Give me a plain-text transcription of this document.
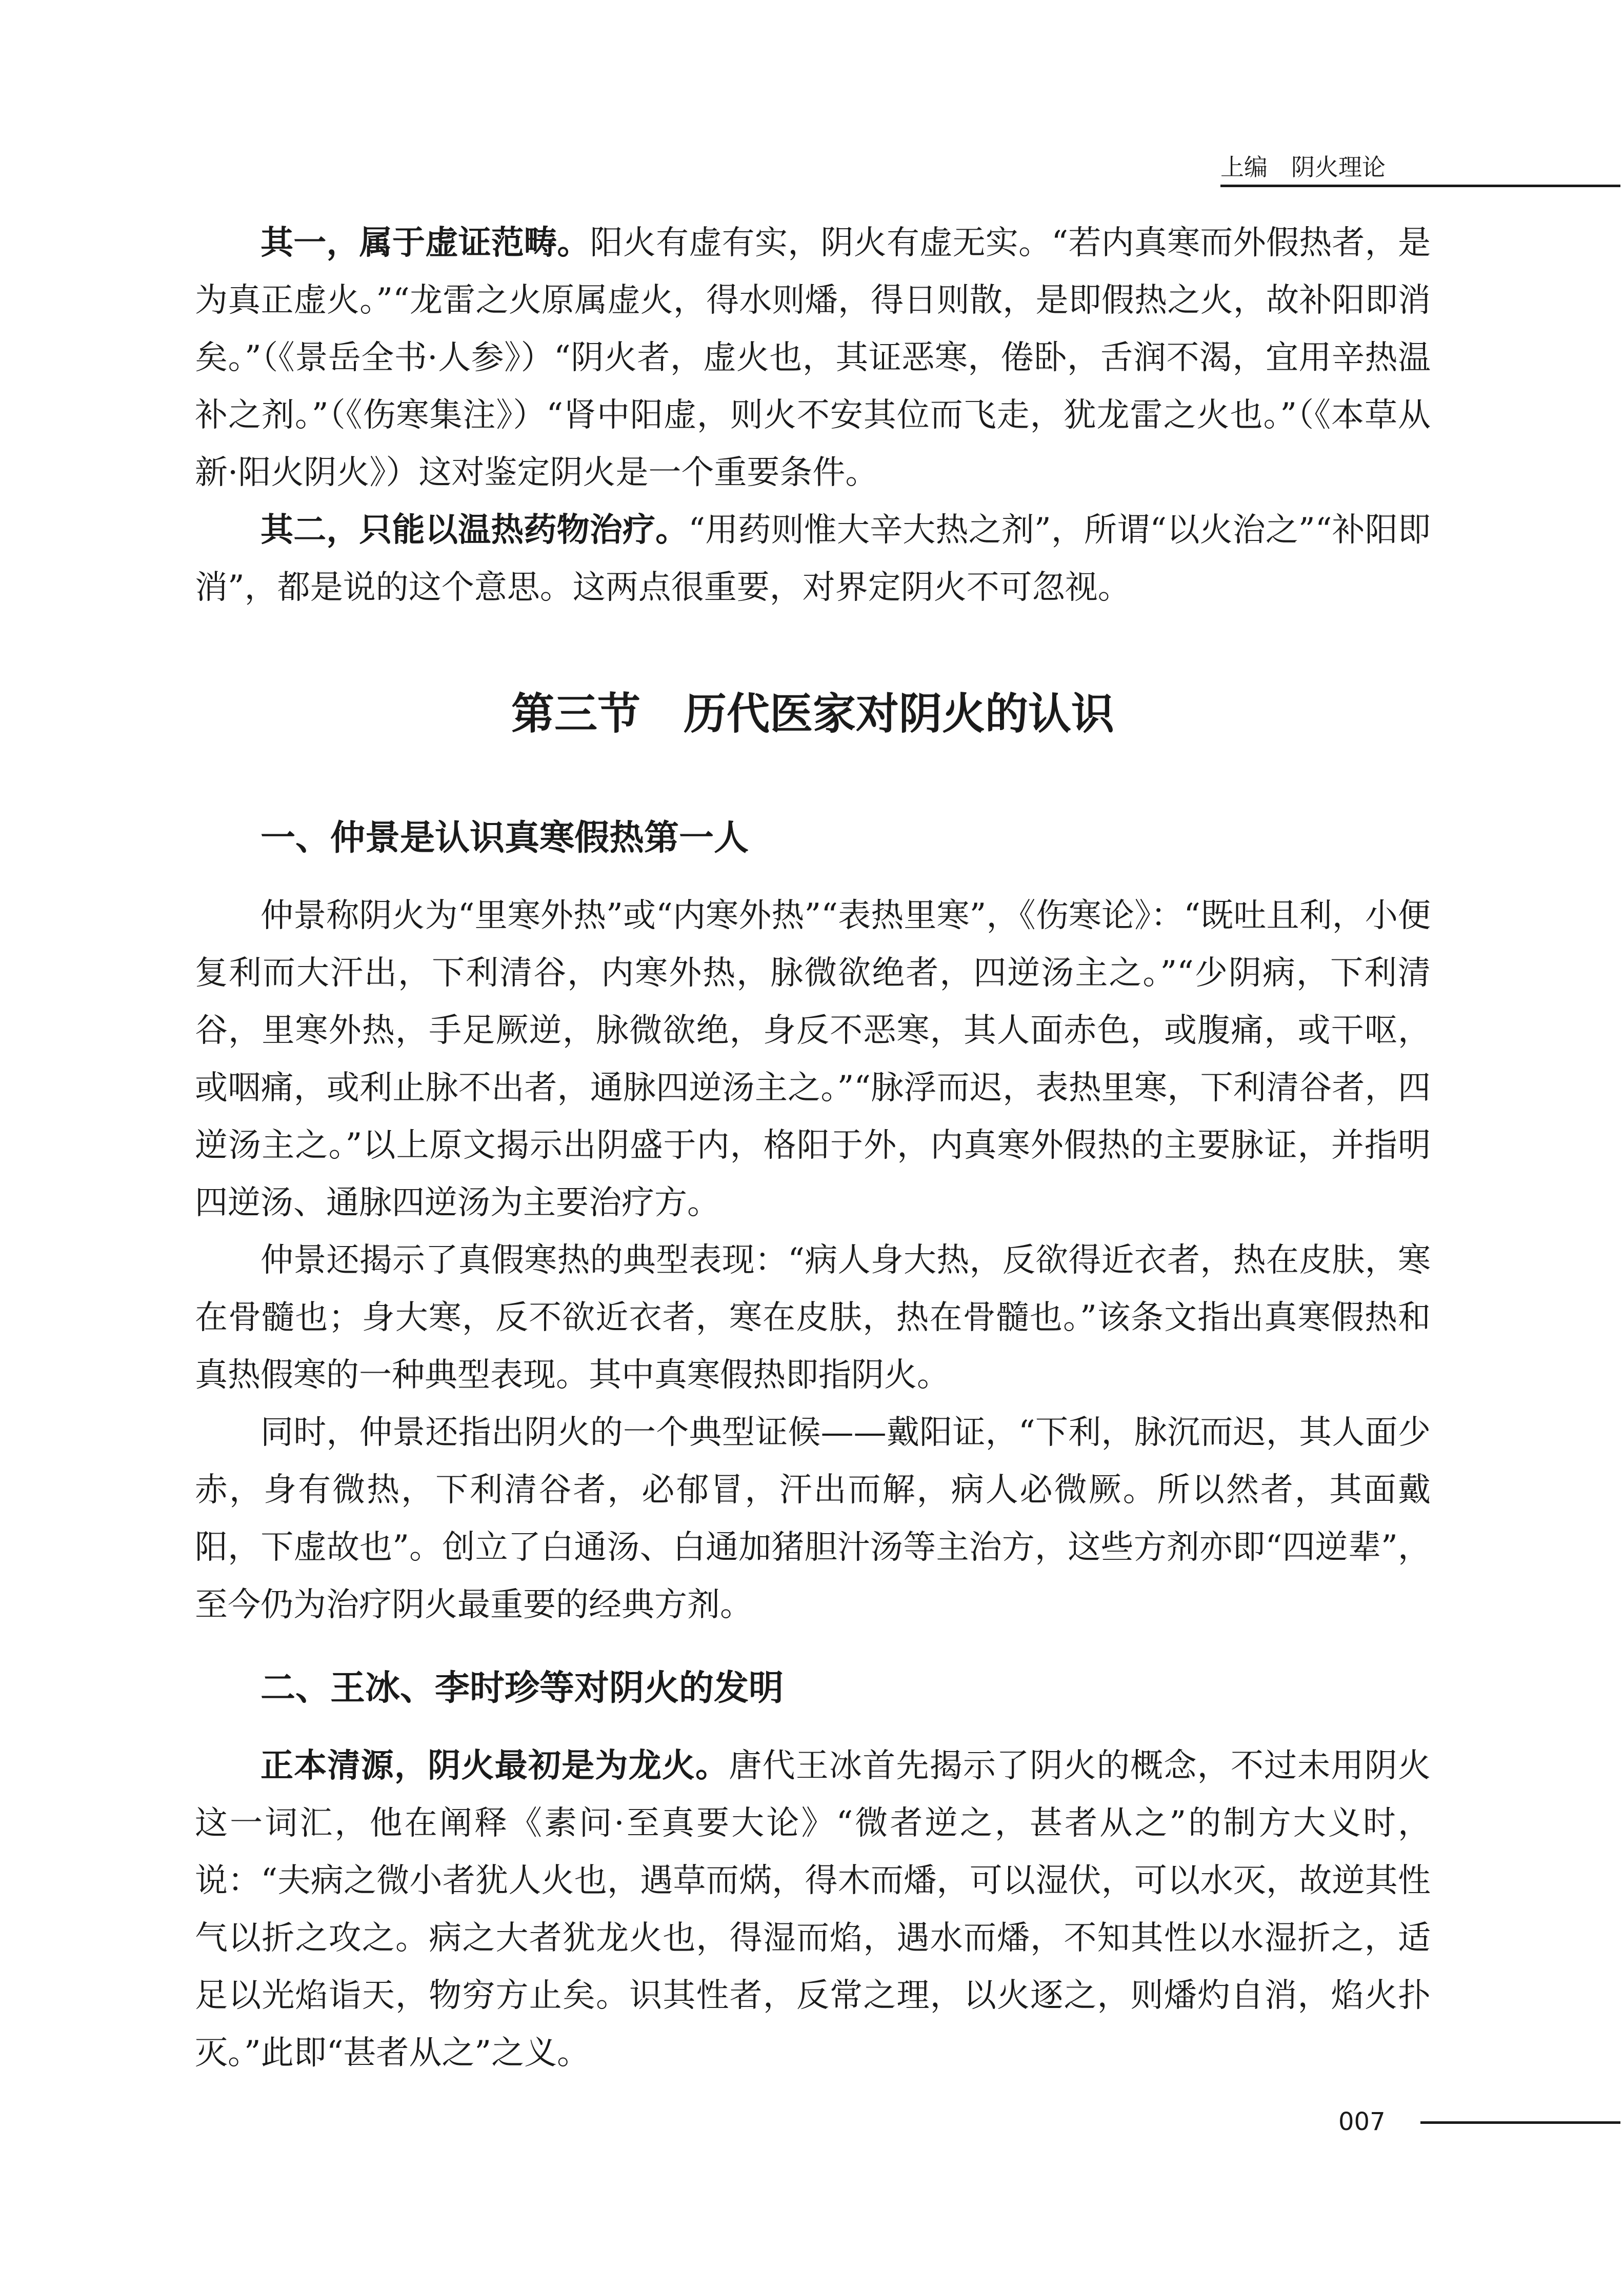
上编　阴火理论

其一，属于虚证范畴。阳火有虚有实，阴火有虚无实。“若内真寒而外假热者，是为真正虚火。”“龙雷之火原属虚火，得水则燔，得日则散，是即假热之火，故补阳即消矣。”（《景岳全书·人参》）“阴火者，虚火也，其证恶寒，倦卧，舌润不渴，宜用辛热温补之剂。”（《伤寒集注》）“肾中阳虚，则火不安其位而飞走，犹龙雷之火也。”（《本草从新·阳火阴火》）这对鉴定阴火是一个重要条件。

其二，只能以温热药物治疗。“用药则惟大辛大热之剂”，所谓“以火治之”“补阳即消”，都是说的这个意思。这两点很重要，对界定阴火不可忽视。

第三节　历代医家对阴火的认识
一、仲景是认识真寒假热第一人

仲景称阴火为“里寒外热”或“内寒外热”“表热里寒”，《伤寒论》：“既吐且利，小便复利而大汗出，下利清谷，内寒外热，脉微欲绝者，四逆汤主之。”“少阴病，下利清谷，里寒外热，手足厥逆，脉微欲绝，身反不恶寒，其人面赤色，或腹痛，或干呕，或咽痛，或利止脉不出者，通脉四逆汤主之。”“脉浮而迟，表热里寒，下利清谷者，四逆汤主之。”以上原文揭示出阴盛于内，格阳于外，内真寒外假热的主要脉证，并指明四逆汤、通脉四逆汤为主要治疗方。

仲景还揭示了真假寒热的典型表现：“病人身大热，反欲得近衣者，热在皮肤，寒在骨髓也；身大寒，反不欲近衣者，寒在皮肤，热在骨髓也。”该条文指出真寒假热和真热假寒的一种典型表现。其中真寒假热即指阴火。

同时，仲景还指出阴火的一个典型证候——戴阳证，“下利，脉沉而迟，其人面少赤，身有微热，下利清谷者，必郁冒，汗出而解，病人必微厥。所以然者，其面戴阳，下虚故也”。创立了白通汤、白通加猪胆汁汤等主治方，这些方剂亦即“四逆辈”，至今仍为治疗阴火最重要的经典方剂。

二、王冰、李时珍等对阴火的发明

正本清源，阴火最初是为龙火。唐代王冰首先揭示了阴火的概念，不过未用阴火这一词汇，他在阐释《素问·至真要大论》“微者逆之，甚者从之”的制方大义时，说：“夫病之微小者犹人火也，遇草而焫，得木而燔，可以湿伏，可以水灭，故逆其性气以折之攻之。病之大者犹龙火也，得湿而焰，遇水而燔，不知其性以水湿折之，适足以光焰诣天，物穷方止矣。识其性者，反常之理，以火逐之，则燔灼自消，焰火扑灭。”此即“甚者从之”之义。

007
